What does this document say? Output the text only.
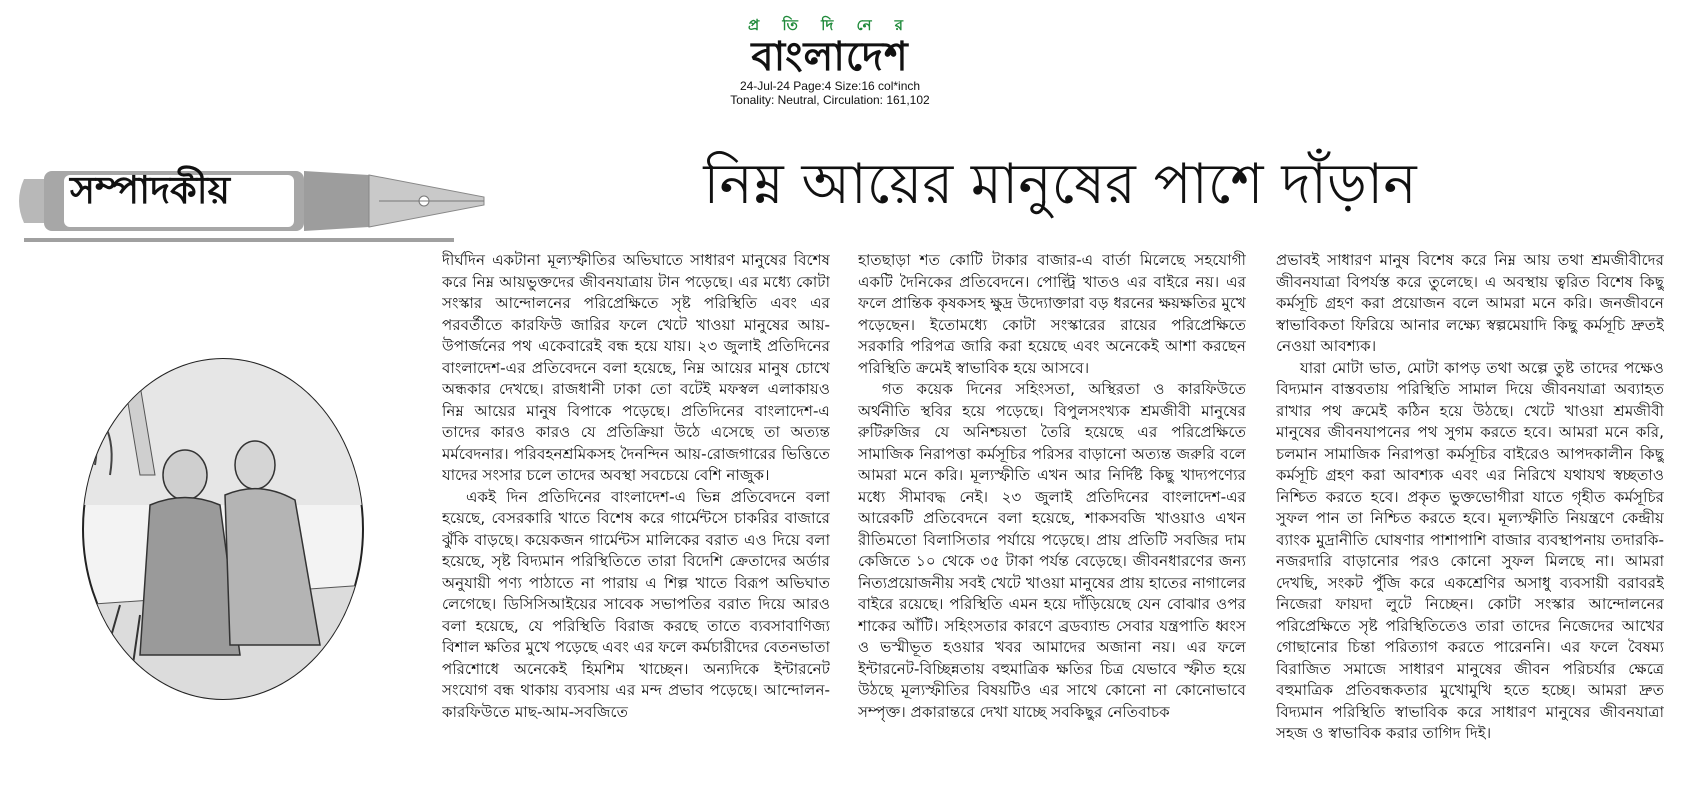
প্র তি দি নে র
বাংলাদেশ
24-Jul-24 Page:4 Size:16 col*inch
Tonality: Neutral, Circulation: 161,102
সম্পাদকীয়	নিম্ন আয়ের মানুষের পাশে দাঁড়ান

দীর্ঘদিন একটানা মূল্যস্ফীতির অভিঘাতে সাধারণ মানুষের বিশেষ করে নিম্ন আয়ভুক্তদের জীবনযাত্রায় টান পড়েছে। এর মধ্যে কোটা সংস্কার আন্দোলনের পরিপ্রেক্ষিতে সৃষ্ট পরিস্থিতি এবং এর পরবর্তীতে কারফিউ জারির ফলে খেটে খাওয়া মানুষের আয়-উপার্জনের পথ একেবারেই বন্ধ হয়ে যায়। ২৩ জুলাই প্রতিদিনের বাংলাদেশ-এর প্রতিবেদনে বলা হয়েছে, নিম্ন আয়ের মানুষ চোখে অন্ধকার দেখছে। রাজধানী ঢাকা তো বটেই মফস্বল এলাকায়ও নিম্ন আয়ের মানুষ বিপাকে পড়েছে। প্রতিদিনের বাংলাদেশ-এ তাদের কারও কারও যে প্রতিক্রিয়া উঠে এসেছে তা অত্যন্ত মর্মবেদনার। পরিবহনশ্রমিকসহ দৈনন্দিন আয়-রোজগারের ভিত্তিতে যাদের সংসার চলে তাদের অবস্থা সবচেয়ে বেশি নাজুক।

একই দিন প্রতিদিনের বাংলাদেশ-এ ভিন্ন প্রতিবেদনে বলা হয়েছে, বেসরকারি খাতে বিশেষ করে গার্মেন্টসে চাকরির বাজারে ঝুঁকি বাড়ছে। কয়েকজন গার্মেন্টস মালিকের বরাত এও দিয়ে বলা হয়েছে, সৃষ্ট বিদ্যমান পরিস্থিতিতে তারা বিদেশি ক্রেতাদের অর্ডার অনুযায়ী পণ্য পাঠাতে না পারায় এ শিল্প খাতে বিরূপ অভিঘাত লেগেছে। ডিসিসিআইয়ের সাবেক সভাপতির বরাত দিয়ে আরও বলা হয়েছে, যে পরিস্থিতি বিরাজ করছে তাতে ব্যবসাবাণিজ্য বিশাল ক্ষতির মুখে পড়েছে এবং এর ফলে কর্মচারীদের বেতনভাতা পরিশোধে অনেকেই হিমশিম খাচ্ছেন। অন্যদিকে ইন্টারনেট সংযোগ বন্ধ থাকায় ব্যবসায় এর মন্দ প্রভাব পড়েছে। আন্দোলন-কারফিউতে মাছ-আম-সবজিতে

হাতছাড়া শত কোটি টাকার বাজার-এ বার্তা মিলেছে সহযোগী একটি দৈনিকের প্রতিবেদনে। পোল্ট্রি খাতও এর বাইরে নয়। এর ফলে প্রান্তিক কৃষকসহ ক্ষুদ্র উদ্যোক্তারা বড় ধরনের ক্ষয়ক্ষতির মুখে পড়েছেন। ইতোমধ্যে কোটা সংস্কারের রায়ের পরিপ্রেক্ষিতে সরকারি পরিপত্র জারি করা হয়েছে এবং অনেকেই আশা করছেন পরিস্থিতি ক্রমেই স্বাভাবিক হয়ে আসবে।

গত কয়েক দিনের সহিংসতা, অস্থিরতা ও কারফিউতে অর্থনীতি স্থবির হয়ে পড়েছে। বিপুলসংখ্যক শ্রমজীবী মানুষের রুটিরুজির যে অনিশ্চয়তা তৈরি হয়েছে এর পরিপ্রেক্ষিতে সামাজিক নিরাপত্তা কর্মসূচির পরিসর বাড়ানো অত্যন্ত জরুরি বলে আমরা মনে করি। মূল্যস্ফীতি এখন আর নির্দিষ্ট কিছু খাদ্যপণ্যের মধ্যে সীমাবদ্ধ নেই। ২৩ জুলাই প্রতিদিনের বাংলাদেশ-এর আরেকটি প্রতিবেদনে বলা হয়েছে, শাকসবজি খাওয়াও এখন রীতিমতো বিলাসিতার পর্যায়ে পড়েছে। প্রায় প্রতিটি সবজির দাম কেজিতে ১০ থেকে ৩৫ টাকা পর্যন্ত বেড়েছে। জীবনধারণের জন্য নিত্যপ্রয়োজনীয় সবই খেটে খাওয়া মানুষের প্রায় হাতের নাগালের বাইরে রয়েছে। পরিস্থিতি এমন হয়ে দাঁড়িয়েছে যেন বোঝার ওপর শাকের আঁটি। সহিংসতার কারণে ব্রডব্যান্ড সেবার যন্ত্রপাতি ধ্বংস ও ভস্মীভূত হওয়ার খবর আমাদের অজানা নয়। এর ফলে ইন্টারনেট-বিচ্ছিন্নতায় বহুমাত্রিক ক্ষতির চিত্র যেভাবে স্ফীত হয়ে উঠছে মূল্যস্ফীতির বিষয়টিও এর সাথে কোনো না কোনোভাবে সম্পৃক্ত। প্রকারান্তরে দেখা যাচ্ছে সবকিছুর নেতিবাচক

প্রভাবই সাধারণ মানুষ বিশেষ করে নিম্ন আয় তথা শ্রমজীবীদের জীবনযাত্রা বিপর্যস্ত করে তুলেছে। এ অবস্থায় ত্বরিত বিশেষ কিছু কর্মসূচি গ্রহণ করা প্রয়োজন বলে আমরা মনে করি। জনজীবনে স্বাভাবিকতা ফিরিয়ে আনার লক্ষ্যে স্বল্পমেয়াদি কিছু কর্মসূচি দ্রুতই নেওয়া আবশ্যক।

যারা মোটা ভাত, মোটা কাপড় তথা অল্পে তুষ্ট তাদের পক্ষেও বিদ্যমান বাস্তবতায় পরিস্থিতি সামাল দিয়ে জীবনযাত্রা অব্যাহত রাখার পথ ক্রমেই কঠিন হয়ে উঠছে। খেটে খাওয়া শ্রমজীবী মানুষের জীবনযাপনের পথ সুগম করতে হবে। আমরা মনে করি, চলমান সামাজিক নিরাপত্তা কর্মসূচির বাইরেও আপদকালীন কিছু কর্মসূচি গ্রহণ করা আবশ্যক এবং এর নিরিখে যথাযথ স্বচ্ছতাও নিশ্চিত করতে হবে। প্রকৃত ভুক্তভোগীরা যাতে গৃহীত কর্মসূচির সুফল পান তা নিশ্চিত করতে হবে। মূল্যস্ফীতি নিয়ন্ত্রণে কেন্দ্রীয় ব্যাংক মুদ্রানীতি ঘোষণার পাশাপাশি বাজার ব্যবস্থাপনায় তদারকি-নজরদারি বাড়ানোর পরও কোনো সুফল মিলছে না। আমরা দেখছি, সংকট পুঁজি করে একশ্রেণির অসাধু ব্যবসায়ী বরাবরই নিজেরা ফায়দা লুটে নিচ্ছেন। কোটা সংস্কার আন্দোলনের পরিপ্রেক্ষিতে সৃষ্ট পরিস্থিতিতেও তারা তাদের নিজেদের আখের গোছানোর চিন্তা পরিত্যাগ করতে পারেননি। এর ফলে বৈষম্য বিরাজিত সমাজে সাধারণ মানুষের জীবন পরিচর্যার ক্ষেত্রে বহুমাত্রিক প্রতিবন্ধকতার মুখোমুখি হতে হচ্ছে। আমরা দ্রুত বিদ্যমান পরিস্থিতি স্বাভাবিক করে সাধারণ মানুষের জীবনযাত্রা সহজ ও স্বাভাবিক করার তাগিদ দিই।
